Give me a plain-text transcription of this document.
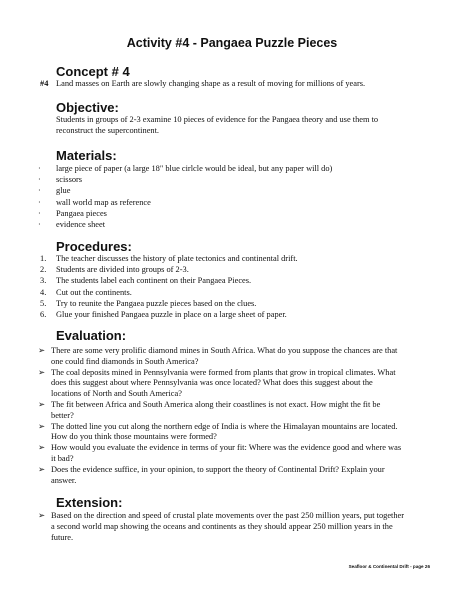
Activity #4 - Pangaea Puzzle Pieces
Concept # 4
#4 Land masses on Earth are slowly changing shape as a result of moving for millions of years.
Objective:
Students in groups of 2-3 examine 10 pieces of evidence for the Pangaea theory and use them to
reconstruct the supercontinent.
Materials:
· large piece of paper (a large 18" blue cirlcle would be ideal, but any paper will do)
· scissors
· glue
· wall world map as reference
· Pangaea pieces
· evidence sheet
Procedures:
1. The teacher discusses the history of plate tectonics and continental drift.
2. Students are divided into groups of 2-3.
3. The students label each continent on their Pangaea Pieces.
4. Cut out the continents.
5. Try to reunite the Pangaea puzzle pieces based on the clues.
6. Glue your finished Pangaea puzzle in place on a large sheet of paper.
Evaluation:
➢ There are some very prolific diamond mines in South Africa. What do you suppose the chances are that
one could find diamonds in South America?
➢ The coal deposits mined in Pennsylvania were formed from plants that grow in tropical climates. What
does this suggest about where Pennsylvania was once located? What does this suggest about the
locations of North and South America?
➢ The fit between Africa and South America along their coastlines is not exact. How might the fit be
better?
➢ The dotted line you cut along the northern edge of India is where the Himalayan mountains are located.
How do you think those mountains were formed?
➢ How would you evaluate the evidence in terms of your fit: Where was the evidence good and where was
it bad?
➢ Does the evidence suffice, in your opinion, to support the theory of Continental Drift? Explain your
answer.
Extension:
➢ Based on the direction and speed of crustal plate movements over the past 250 million years, put together
a second world map showing the oceans and continents as they should appear 250 million years in the
future.
Seafloor & Continental Drift - page 26
